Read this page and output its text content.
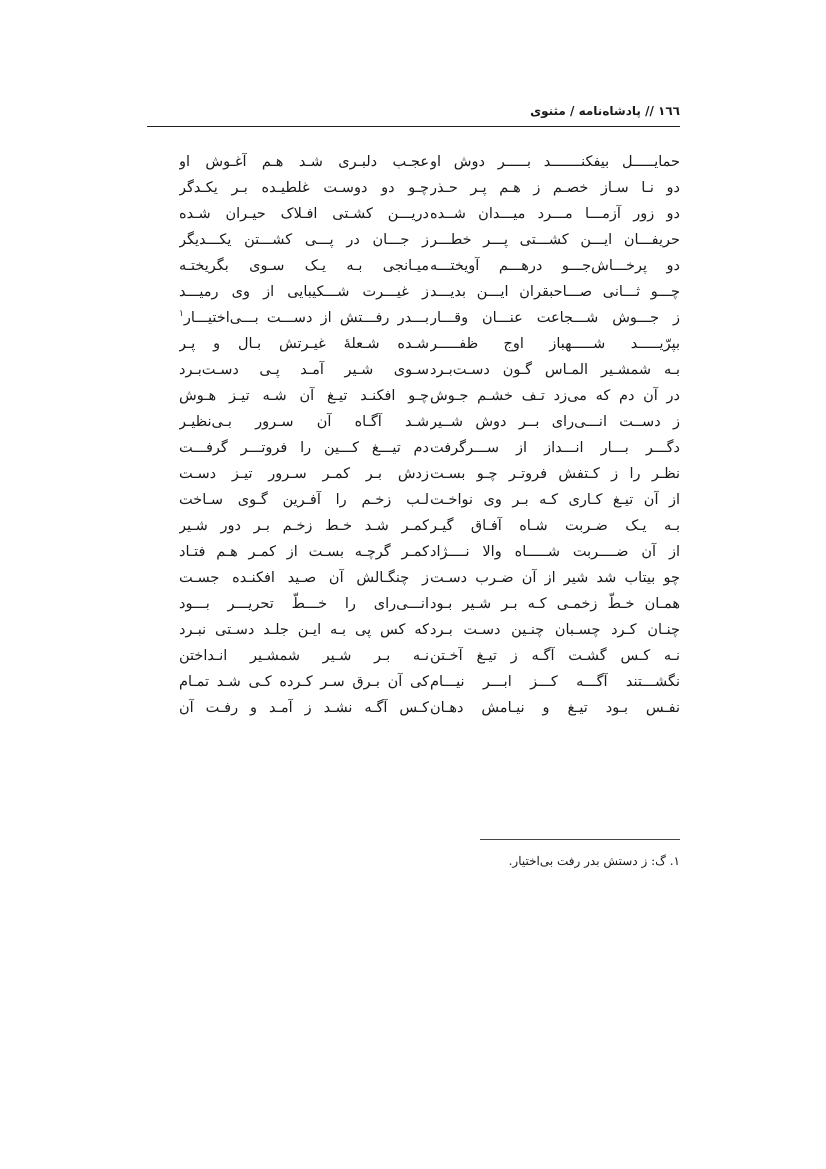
١٦٦ // پادشاه‌نامه / مثنوی
حمایـــــل بیفکنـــــــد بـــــر دوش او
دو نـا سـاز خصـم ز هـم پـر حـذر
دو زور آزمـــا مـــرد میـــدان شــده
حریفـــان ایـــن کشـــتی پـــر خطـــر
دو پرخـــاش‌جـــو درهـــم آویختـــه
چـــو ثـــانی صـــاحبقران ایـــن بدیـــد
ز جـــوش شـــجاعت عنـــان وقـــار
بپرّیـــــد شـــــهباز اوج ظفـــــر
بـه شمشـیر المـاس گـون دسـت‌بـرد
در آن دم که می‌زد تـف خشـم جـوش
ز دســت انـــی‌رای بــر دوش شــیر
دگـــر بـــار انـــداز از ســـرگرفت
نظـر را ز کـتفش فروتـر چـو بسـت
از آن تیـغ کـاری کـه بـر وی نواخـت
بـه یـک ضـربت شـاه آفـاق گیـر
از آن ضــــربت شـــــاه والا نــــژاد
چو بیتاب شد شیر از آن ضـرب دسـت
همـان خـطّ زخمـی کـه بـر شـیر بـود
چنـان کـرد چسـبان چنـین دسـت بـرد
نـه کـس گشـت آگـه ز تیـغ آخـتن
نگشـــتند آگـــه کـــز ابـــر نیـــام
نفـس بـود تیـغ و نیـامش دهـان
عجـب دلبـری شـد هـم آغـوش او
چـو دو دوسـت غلطیـده بـر یکـدگر
دریـــن کشـتی افـلاک حیـران شـده
ز جـــان در پـــی کشـــتن یکـــدیگر
میـانجی بـه یـک سـوی بگریختـه
ز غیـــرت شـــکیبایی از وی رمیـــد
بـــدر رفـــتش از دســـت بـــی‌اختیـــار$^١$
شـده شـعلهٔ غیـرتش بـال و پـر
سـوی شـیر آمـد پـی دسـت‌بـرد
چـو افکنـد تیـغ آن شـه تیـز هـوش
شـد آگـاه آن سـرور بـی‌نظیـر
دم تیـــغ کـــین را فروتـــر گرفـــت
زدش بـر کمـر سـرور تیـز دسـت
لـب زخـم را آفـرین گـوی سـاخت
کمـر شـد خـط زخـم بـر دور شـیر
کمـر گرچـه بسـت از کمـر هـم فتـاد
ز چنگـالش آن صـید افکنـده جسـت
انـــی‌رای را خـــطّ تحریـــر بـــود
که کس پی بـه ایـن جلـد دسـتی نبـرد
نـه بـر شـیر شمشـیر انـداختن
کی آن بـرق سـر کـرده کـی شـد تمـام
کـس آگـه نشـد ز آمـد و رفـت آن
١. گ: ز دستش بدر رفت بی‌اختیار.
